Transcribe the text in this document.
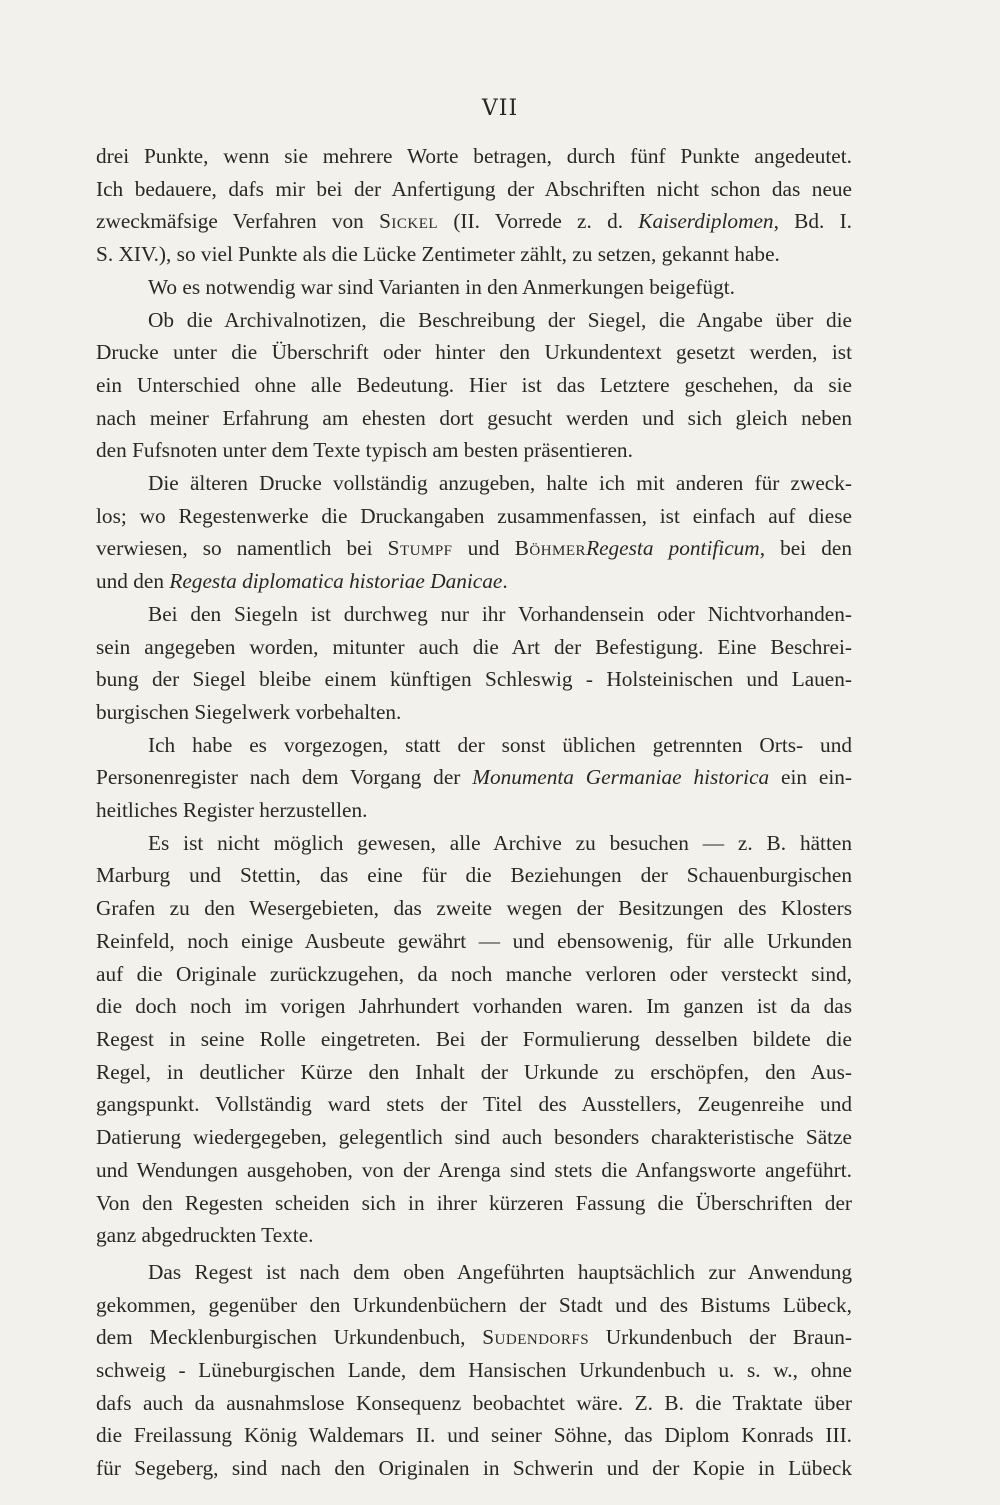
VII

drei Punkte, wenn sie mehrere Worte betragen, durch fünf Punkte angedeutet.

Ich bedauere, dafs mir bei der Anfertigung der Abschriften nicht schon das neue

zweckmäfsige Verfahren von Sickel (II. Vorrede z. d. Kaiserdiplomen, Bd. I.

S. XIV.), so viel Punkte als die Lücke Zentimeter zählt, zu setzen, gekannt habe.

Wo es notwendig war sind Varianten in den Anmerkungen beigefügt.

Ob die Archivalnotizen, die Beschreibung der Siegel, die Angabe über die

Drucke unter die Überschrift oder hinter den Urkundentext gesetzt werden, ist

ein Unterschied ohne alle Bedeutung. Hier ist das Letztere geschehen, da sie

nach meiner Erfahrung am ehesten dort gesucht werden und sich gleich neben

den Fufsnoten unter dem Texte typisch am besten präsentieren.

Die älteren Drucke vollständig anzugeben, halte ich mit anderen für zweck-

los; wo Regestenwerke die Druckangaben zusammenfassen, ist einfach auf diese

verwiesen, so namentlich bei Stumpf und BöhmerRegesta pontificum, bei den

und den Regesta diplomatica historiae Danicae.

Bei den Siegeln ist durchweg nur ihr Vorhandensein oder Nichtvorhanden-

sein angegeben worden, mitunter auch die Art der Befestigung. Eine Beschrei-

bung der Siegel bleibe einem künftigen Schleswig - Holsteinischen und Lauen-

burgischen Siegelwerk vorbehalten.

Ich habe es vorgezogen, statt der sonst üblichen getrennten Orts- und

Personenregister nach dem Vorgang der Monumenta Germaniae historica ein ein-

heitliches Register herzustellen.

Es ist nicht möglich gewesen, alle Archive zu besuchen — z. B. hätten

Marburg und Stettin, das eine für die Beziehungen der Schauenburgischen

Grafen zu den Wesergebieten, das zweite wegen der Besitzungen des Klosters

Reinfeld, noch einige Ausbeute gewährt — und ebensowenig, für alle Urkunden

auf die Originale zurückzugehen, da noch manche verloren oder versteckt sind,

die doch noch im vorigen Jahrhundert vorhanden waren. Im ganzen ist da das

Regest in seine Rolle eingetreten. Bei der Formulierung desselben bildete die

Regel, in deutlicher Kürze den Inhalt der Urkunde zu erschöpfen, den Aus-

gangspunkt. Vollständig ward stets der Titel des Ausstellers, Zeugenreihe und

Datierung wiedergegeben, gelegentlich sind auch besonders charakteristische Sätze

und Wendungen ausgehoben, von der Arenga sind stets die Anfangsworte angeführt.

Von den Regesten scheiden sich in ihrer kürzeren Fassung die Überschriften der

ganz abgedruckten Texte.

Das Regest ist nach dem oben Angeführten hauptsächlich zur Anwendung

gekommen, gegenüber den Urkundenbüchern der Stadt und des Bistums Lübeck,

dem Mecklenburgischen Urkundenbuch, Sudendorfs Urkundenbuch der Braun-

schweig - Lüneburgischen Lande, dem Hansischen Urkundenbuch u. s. w., ohne

dafs auch da ausnahmslose Konsequenz beobachtet wäre. Z. B. die Traktate über

die Freilassung König Waldemars II. und seiner Söhne, das Diplom Konrads III.

für Segeberg, sind nach den Originalen in Schwerin und der Kopie in Lübeck
